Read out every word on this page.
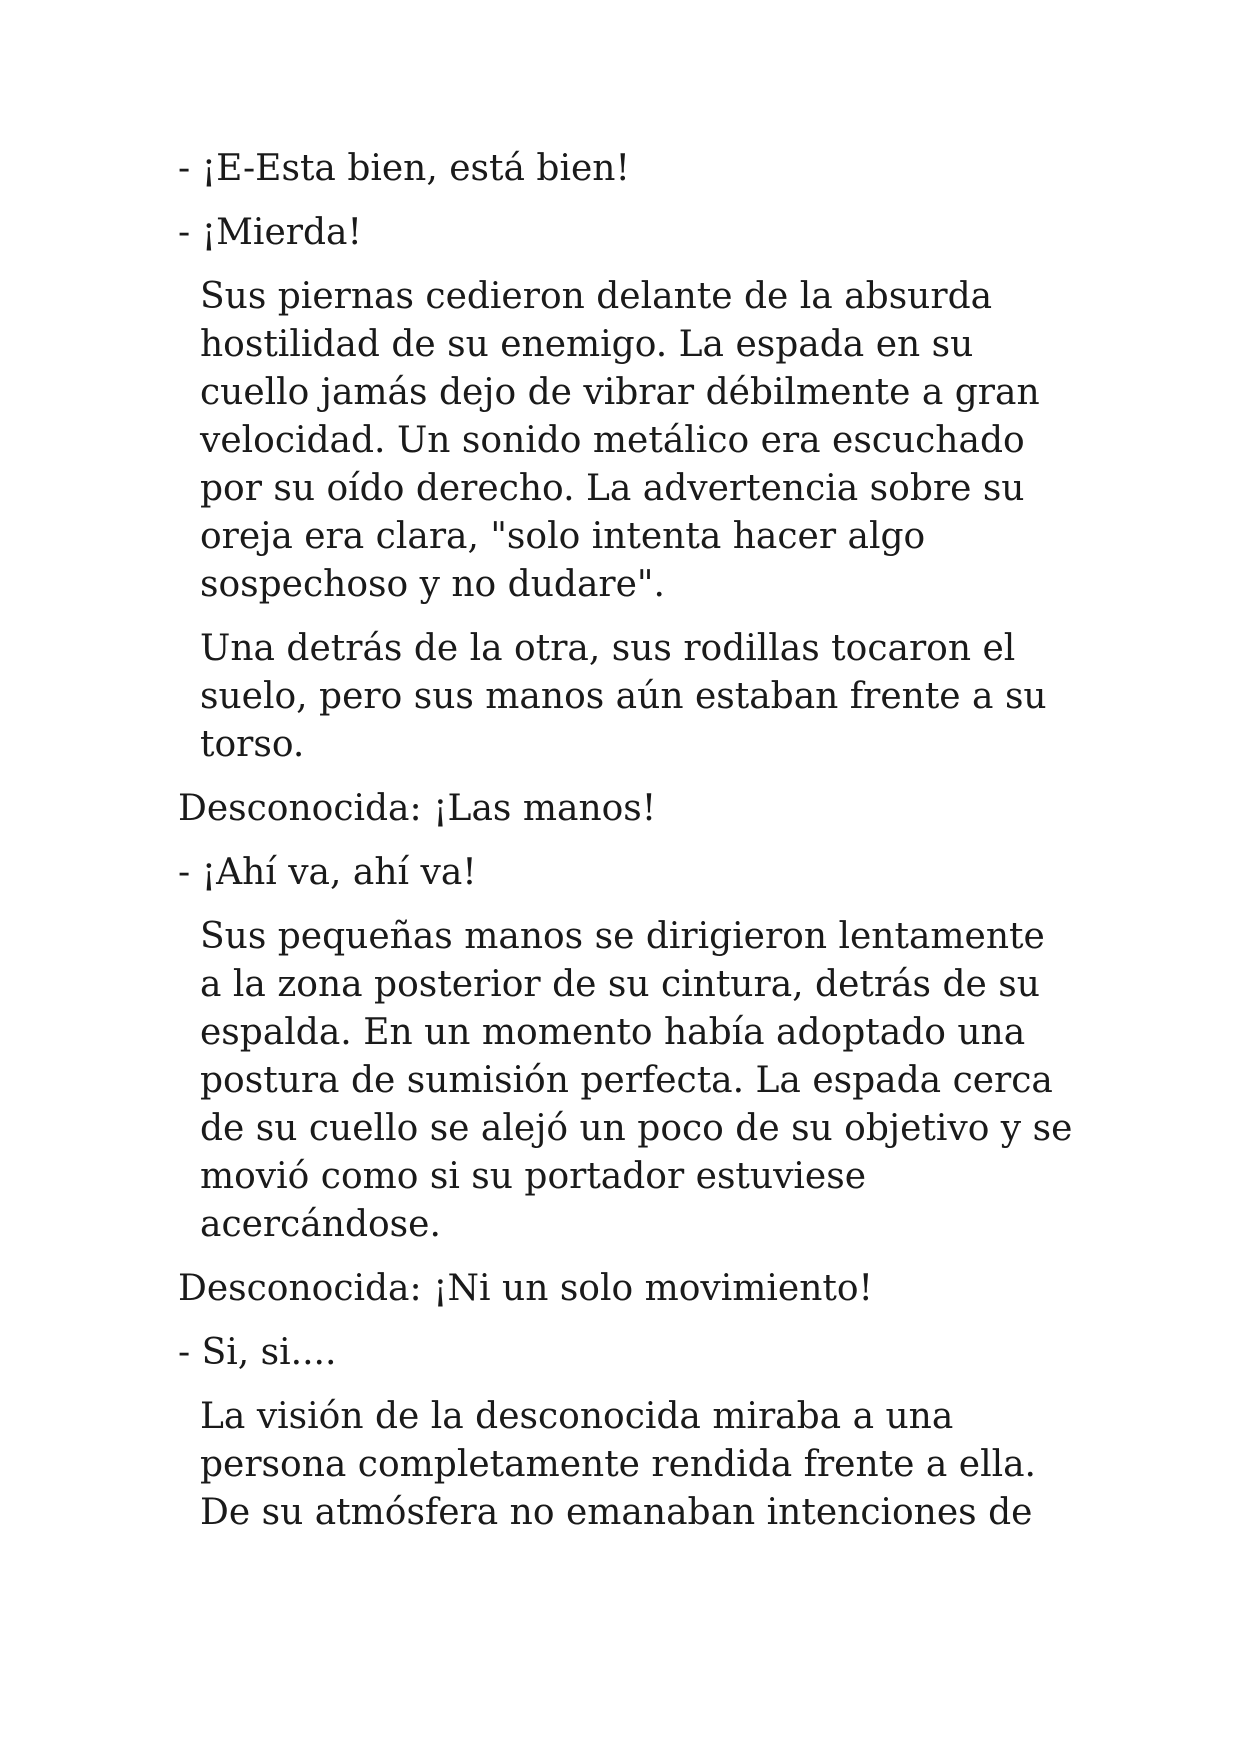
- ¡E-Esta bien, está bien!

- ¡Mierda!

Sus piernas cedieron delante de la absurda
hostilidad de su enemigo. La espada en su
cuello jamás dejo de vibrar débilmente a gran
velocidad. Un sonido metálico era escuchado
por su oído derecho. La advertencia sobre su
oreja era clara, "solo intenta hacer algo
sospechoso y no dudare".

Una detrás de la otra, sus rodillas tocaron el
suelo, pero sus manos aún estaban frente a su
torso.

Desconocida: ¡Las manos!

- ¡Ahí va, ahí va!

Sus pequeñas manos se dirigieron lentamente
a la zona posterior de su cintura, detrás de su
espalda. En un momento había adoptado una
postura de sumisión perfecta. La espada cerca
de su cuello se alejó un poco de su objetivo y se
movió como si su portador estuviese
acercándose.

Desconocida: ¡Ni un solo movimiento!

- Si, si....

La visión de la desconocida miraba a una
persona completamente rendida frente a ella.
De su atmósfera no emanaban intenciones de
